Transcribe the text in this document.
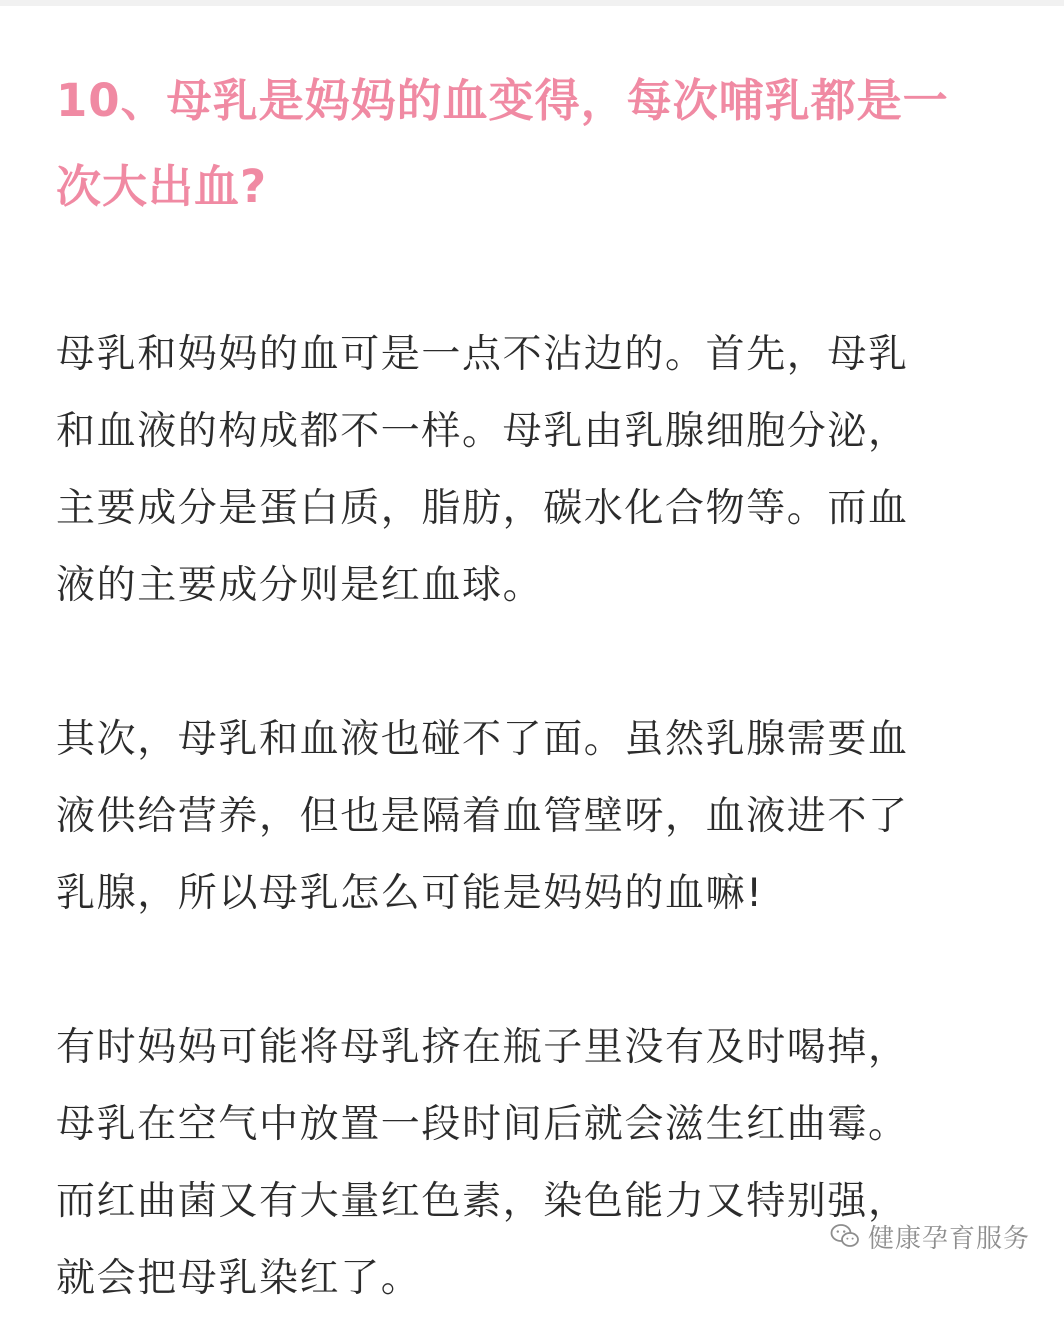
10、母乳是妈妈的血变得，每次哺乳都是一
次大出血?
母乳和妈妈的血可是一点不沾边的。首先，母乳
和血液的构成都不一样。母乳由乳腺细胞分泌，
主要成分是蛋白质，脂肪，碳水化合物等。而血
液的主要成分则是红血球。
其次，母乳和血液也碰不了面。虽然乳腺需要血
液供给营养，但也是隔着血管壁呀，血液进不了
乳腺，所以母乳怎么可能是妈妈的血嘛!
有时妈妈可能将母乳挤在瓶子里没有及时喝掉，
母乳在空气中放置一段时间后就会滋生红曲霉。
而红曲菌又有大量红色素，染色能力又特别强，
就会把母乳染红了。
健康孕育服务
